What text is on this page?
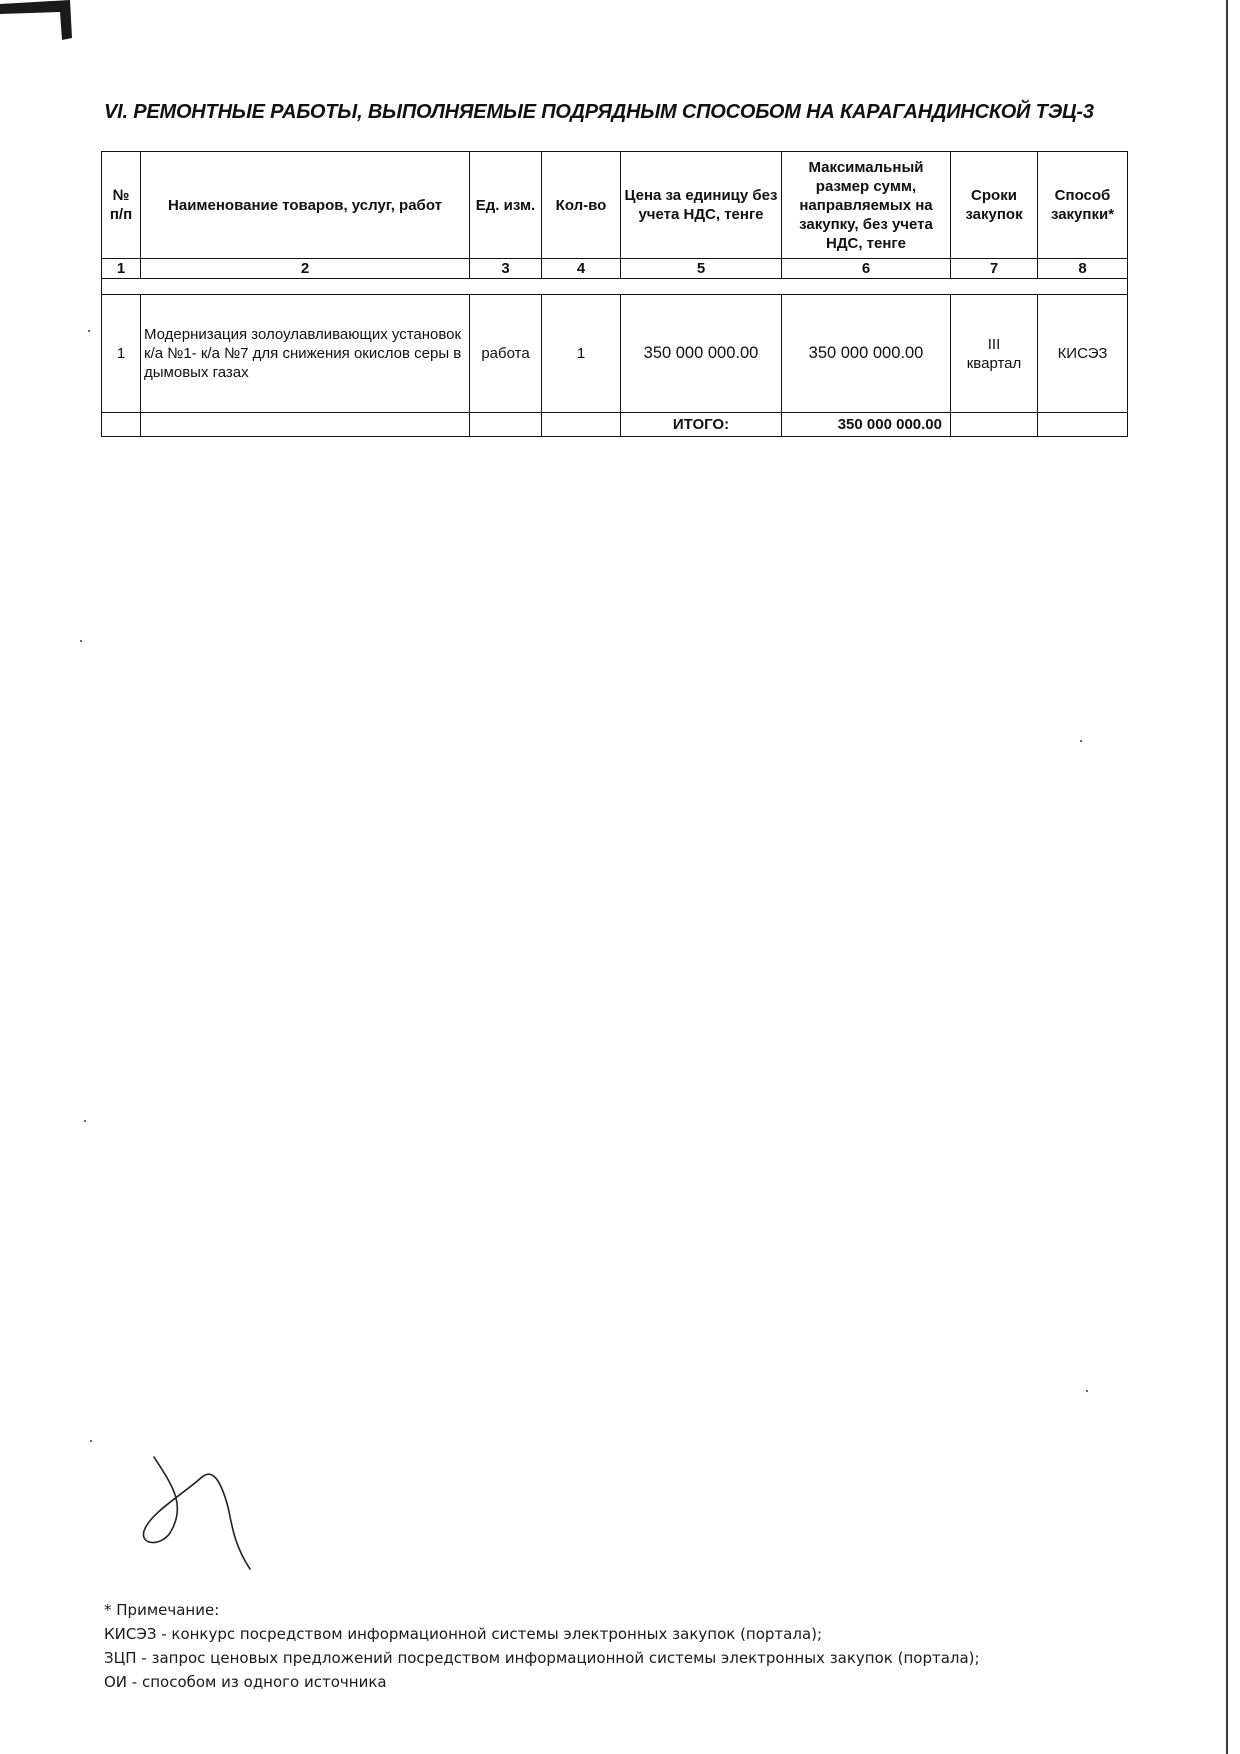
VI. РЕМОНТНЫЕ РАБОТЫ, ВЫПОЛНЯЕМЫЕ ПОДРЯДНЫМ СПОСОБОМ НА КАРАГАНДИНСКОЙ ТЭЦ-3
№ п/п	Наименование товаров, услуг, работ	Ед. изм.	Кол-во	Цена за единицу без учета НДС, тенге	Максимальный размер сумм, направляемых на закупку, без учета НДС, тенге	Сроки закупок	Способ закупки*
1	2	3	4	5	6	7	8

1	Модернизация золоулавливающих установок к/а №1- к/а №7 для снижения окислов серы в дымовых газах	работа	1	350 000 000.00	350 000 000.00	III квартал	КИСЭЗ
				ИТОГО:	350 000 000.00		
* Примечание:
КИСЭЗ - конкурс посредством информационной системы электронных закупок (портала);
ЗЦП - запрос ценовых предложений посредством информационной системы электронных закупок (портала);
ОИ - способом из одного источника
